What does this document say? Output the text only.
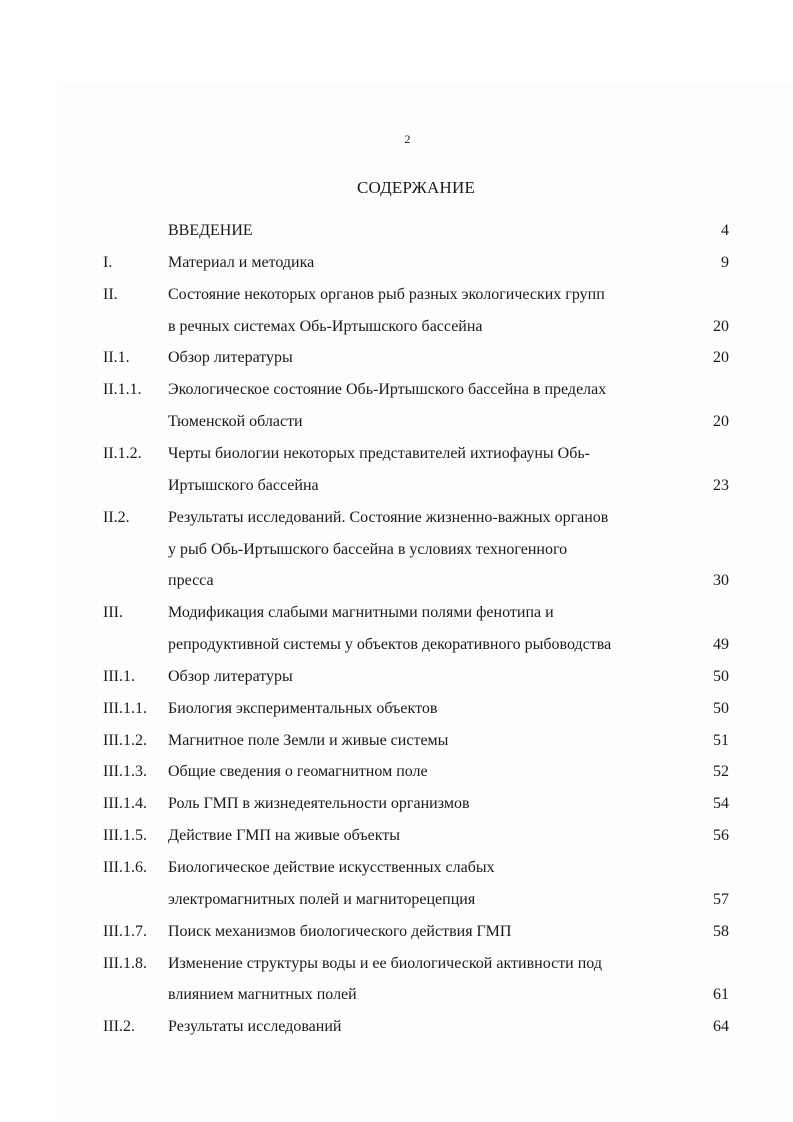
2
СОДЕРЖАНИЕ
ВВЕДЕНИЕ	4
I.	Материал и методика	9
II.	Состояние некоторых органов рыб разных экологических групп
в речных системах Обь-Иртышского бассейна	20
II.1. Обзор литературы	20
II.1.1. Экологическое состояние Обь-Иртышского бассейна в пределах
Тюменской области	20
II.1.2. Черты биологии некоторых представителей ихтиофауны Обь-
Иртышского бассейна	23
II.2. Результаты исследований. Состояние жизненно-важных органов
у рыб Обь-Иртышского бассейна в условиях техногенного
пресса	30
III.	Модификация слабыми магнитными полями фенотипа и
репродуктивной системы у объектов декоративного рыбоводства	49
III.1. Обзор литературы	50
III.1.1. Биология экспериментальных объектов	50
III.1.2. Магнитное поле Земли и живые системы	51
III.1.3. Общие сведения о геомагнитном поле	52
III.1.4. Роль ГМП в жизнедеятельности организмов	54
III.1.5. Действие ГМП на живые объекты	56
III.1.6. Биологическое действие искусственных слабых
электромагнитных полей и магниторецепция	57
III.1.7. Поиск механизмов биологического действия ГМП	58
III.1.8. Изменение структуры воды и ее биологической активности под
влиянием магнитных полей	61
III.2. Результаты исследований	64
